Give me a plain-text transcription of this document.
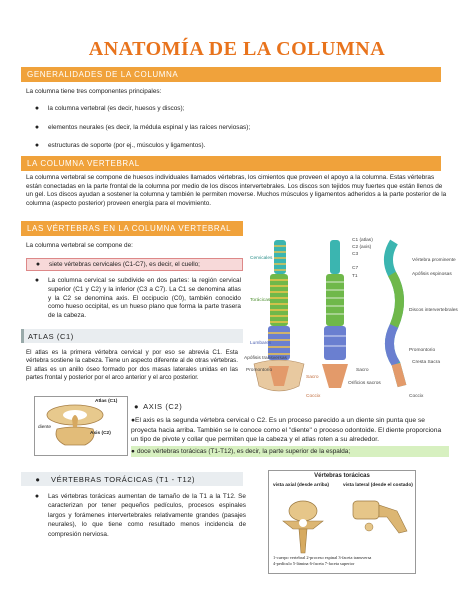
ANATOMÍA DE LA COLUMNA
GENERALIDADES DE LA COLUMNA
La columna tiene tres componentes principales:
●	la columna vertebral (es decir, huesos y discos);
●	elementos neurales (es decir, la médula espinal y las raíces nerviosas);
●	estructuras de soporte (por ej., músculos y ligamentos).
LA COLUMNA VERTEBRAL
La columna vertebral se compone de huesos individuales llamados vértebras, los cimientos que proveen el apoyo a la columna. Estas vértebras están conectadas en la parte frontal de la columna por medio de los discos intervertebrales. Los discos son tejidos muy fuertes que están llenos de un gel. Los discos ayudan a sostener la columna y también le permiten moverse. Muchos músculos y ligamentos adheridos a la parte posterior de la columna (aspecto posterior) proveen energía para el movimiento.
LAS VÉRTEBRAS EN LA COLUMNA VERTEBRAL
La columna vertebral se compone de:
●	siete vértebras cervicales (C1-C7), es decir, el cuello;
●	La columna cervical se subdivide en dos partes: la región cervical superior (C1 y C2) y la inferior (C3 a C7). La C1 se denomina atlas y la C2 se denomina axis. El occipucio (C0), también conocido como hueso occipital, es un hueso plano que forma la parte trasera de la cabeza.
ATLAS (C1)
El atlas es la primera vértebra cervical y por eso se abrevia C1. Esta vértebra sostiene la cabeza. Tiene un aspecto diferente al de otras vértebras. El atlas es un anillo óseo formado por dos masas laterales unidas en las partes frontal y posterior por el arco anterior y el arco posterior.
Cervicales
Torácicas
Lumbares
Sacro
Coccix
C1 (atlas)
C2 (axis)
C3
C7
T1
Vértebra prominente
Apófisis espinosas
Discos intervertebrales
Cresta Sacra
Orificios sacros
Coccix
Apófisis transversas
Promontorio
Promontorio
Sacro
Atlas (C1)
diente
Axis (C2)
● AXIS (C2)
●El axis es la segunda vértebra cervical o C2. Es un proceso parecido a un diente sin punta que se proyecta hacia arriba. También se le conoce como el "diente" o proceso odontoide. El diente proporciona un tipo de pivote y collar que permiten que la cabeza y el atlas roten a su alrededor.
● doce vértebras torácicas (T1-T12), es decir, la parte superior de la espalda;
●	VÉRTEBRAS TORÁCICAS (T1 - T12)
●	Las vértebras torácicas aumentan de tamaño de la T1 a la T12. Se caracterizan por tener pequeños pedículos, procesos espinales largos y forámenes intervertebrales relativamente grandes (pasajes neurales), lo que tiene como resultado menos incidencia de compresión nerviosa.
Vértebras torácicas
vista axial (desde arriba)	vista lateral (desde el costado)
1-cuerpo vertebral 2-proceso espinal 3-faceta transversa
4-pedículo 5-lámina 6-faceta 7-faceta superior
